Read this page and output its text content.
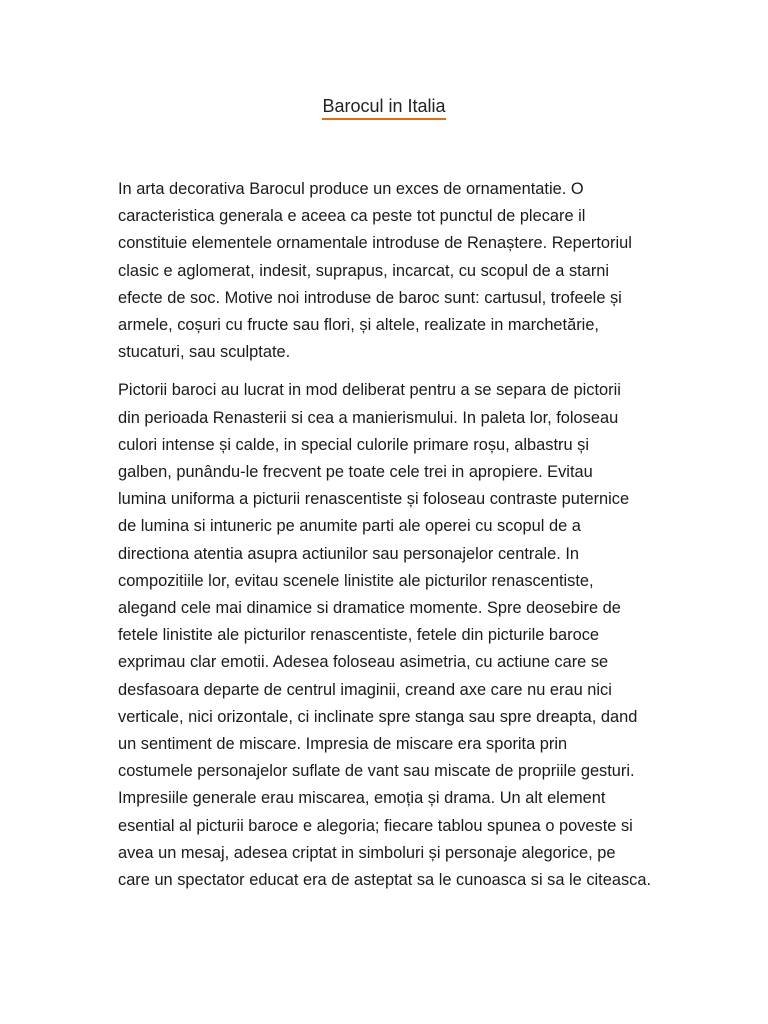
Barocul in Italia

In arta decorativa Barocul produce un exces de ornamentatie. O
caracteristica generala e aceea ca peste tot punctul de plecare il
constituie elementele ornamentale introduse de Renaștere. Repertoriul
clasic e aglomerat, indesit, suprapus, incarcat, cu scopul de a starni
efecte de soc. Motive noi introduse de baroc sunt: cartusul, trofeele și
armele, coșuri cu fructe sau flori, și altele, realizate in marchetărie,
stucaturi, sau sculptate.

Pictorii baroci au lucrat in mod deliberat pentru a se separa de pictorii
din perioada Renasterii si cea a manierismului. In paleta lor, foloseau
culori intense și calde, in special culorile primare roșu, albastru și
galben, punându-le frecvent pe toate cele trei in apropiere. Evitau
lumina uniforma a picturii renascentiste și foloseau contraste puternice
de lumina si intuneric pe anumite parti ale operei cu scopul de a
directiona atentia asupra actiunilor sau personajelor centrale. In
compozitiile lor, evitau scenele linistite ale picturilor renascentiste,
alegand cele mai dinamice si dramatice momente. Spre deosebire de
fetele linistite ale picturilor renascentiste, fetele din picturile baroce
exprimau clar emotii. Adesea foloseau asimetria, cu actiune care se
desfasoara departe de centrul imaginii, creand axe care nu erau nici
verticale, nici orizontale, ci inclinate spre stanga sau spre dreapta, dand
un sentiment de miscare. Impresia de miscare era sporita prin
costumele personajelor suflate de vant sau miscate de propriile gesturi.
Impresiile generale erau miscarea, emoția și drama. Un alt element
esential al picturii baroce e alegoria; fiecare tablou spunea o poveste si
avea un mesaj, adesea criptat in simboluri și personaje alegorice, pe
care un spectator educat era de asteptat sa le cunoasca si sa le citeasca.
